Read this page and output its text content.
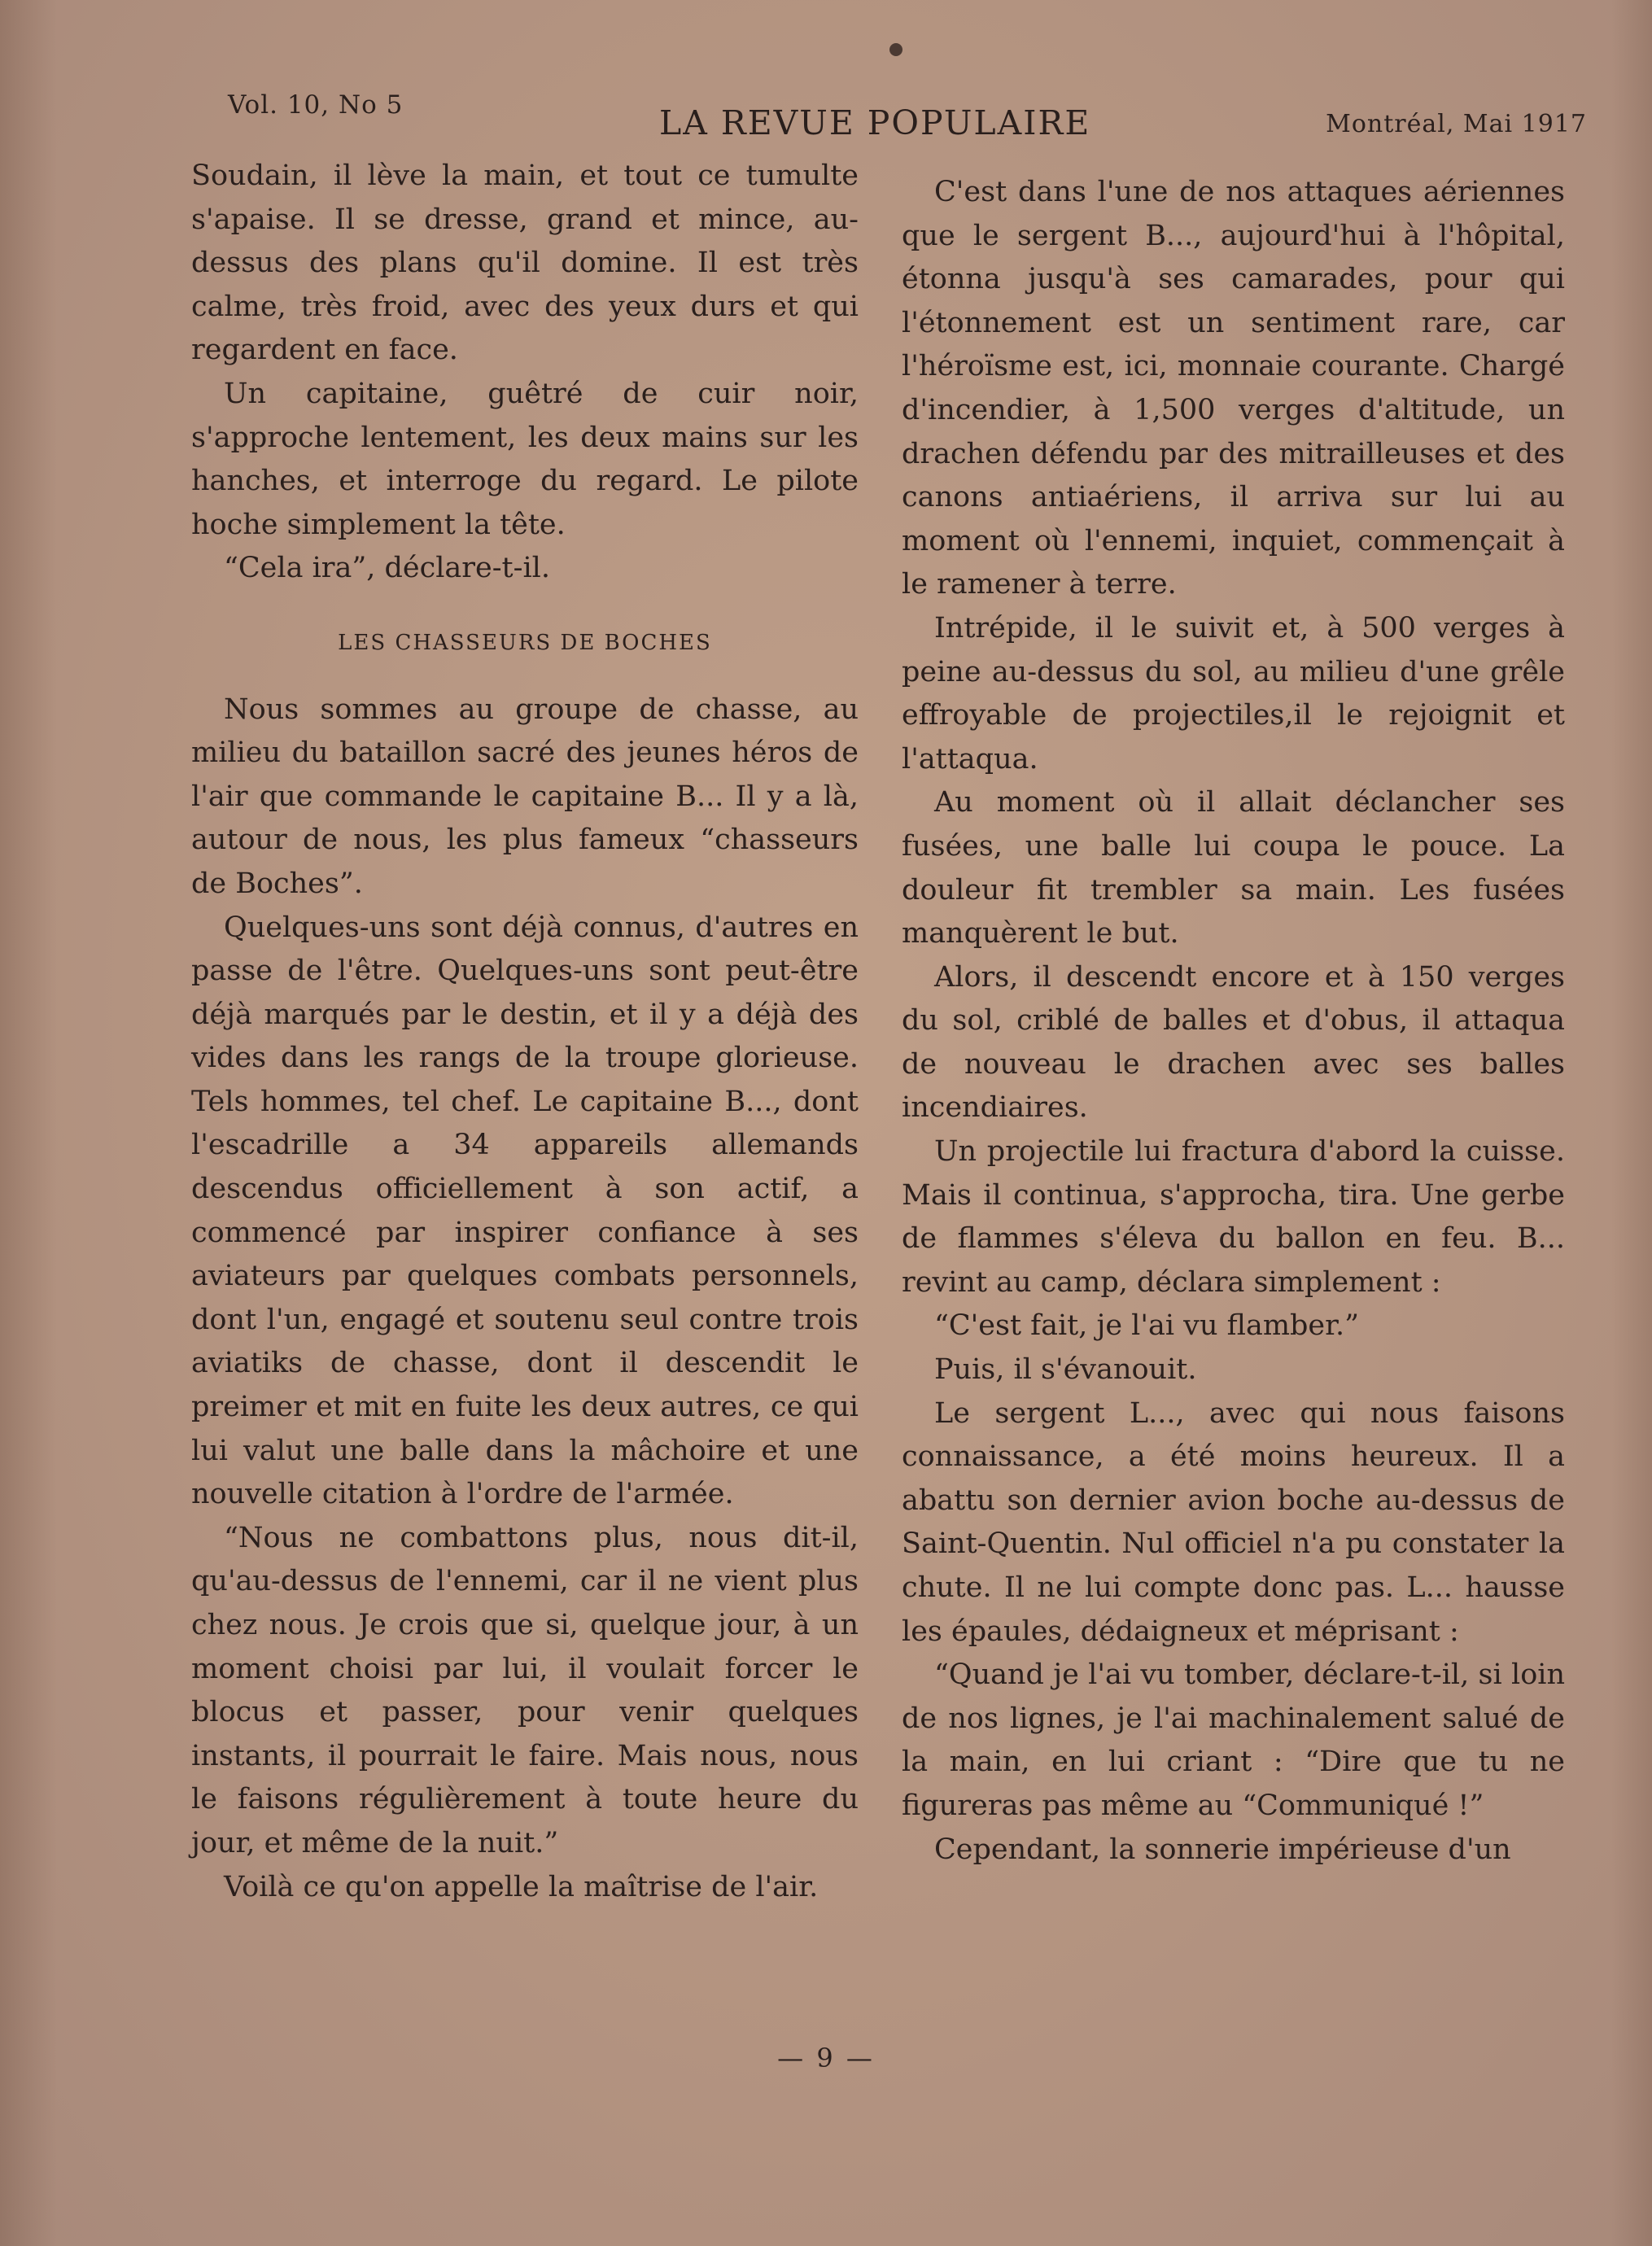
Vol. 10, No 5	LA REVUE POPULAIRE	Montréal, Mai 1917

Soudain, il lève la main, et tout ce tumulte s'apaise. Il se dresse, grand et mince, au-dessus des plans qu'il domine. Il est très calme, très froid, avec des yeux durs et qui regardent en face.

Un capitaine, guêtré de cuir noir, s'approche lentement, les deux mains sur les hanches, et interroge du regard. Le pilote hoche simplement la tête.

“Cela ira”, déclare-t-il.

LES CHASSEURS DE BOCHES

Nous sommes au groupe de chasse, au milieu du bataillon sacré des jeunes héros de l'air que commande le capitaine B... Il y a là, autour de nous, les plus fameux “chasseurs de Boches”.

Quelques-uns sont déjà connus, d'autres en passe de l'être. Quelques-uns sont peut-être déjà marqués par le destin, et il y a déjà des vides dans les rangs de la troupe glorieuse. Tels hommes, tel chef. Le capitaine B..., dont l'escadrille a 34 appareils allemands descendus officiellement à son actif, a commencé par inspirer confiance à ses aviateurs par quelques combats personnels, dont l'un, engagé et soutenu seul contre trois aviatiks de chasse, dont il descendit le preimer et mit en fuite les deux autres, ce qui lui valut une balle dans la mâchoire et une nouvelle citation à l'ordre de l'armée.

“Nous ne combattons plus, nous dit-il, qu'au-dessus de l'ennemi, car il ne vient plus chez nous. Je crois que si, quelque jour, à un moment choisi par lui, il voulait forcer le blocus et passer, pour venir quelques instants, il pourrait le faire. Mais nous, nous le faisons régulièrement à toute heure du jour, et même de la nuit.”

Voilà ce qu'on appelle la maîtrise de l'air.

C'est dans l'une de nos attaques aériennes que le sergent B..., aujourd'hui à l'hôpital, étonna jusqu'à ses camarades, pour qui l'étonnement est un sentiment rare, car l'héroïsme est, ici, monnaie courante. Chargé d'incendier, à 1,500 verges d'altitude, un drachen défendu par des mitrailleuses et des canons antiaériens, il arriva sur lui au moment où l'ennemi, inquiet, commençait à le ramener à terre.

Intrépide, il le suivit et, à 500 verges à peine au-dessus du sol, au milieu d'une grêle effroyable de projectiles,il le rejoignit et l'attaqua.

Au moment où il allait déclancher ses fusées, une balle lui coupa le pouce. La douleur fit trembler sa main. Les fusées manquèrent le but.

Alors, il descendt encore et à 150 verges du sol, criblé de balles et d'obus, il attaqua de nouveau le drachen avec ses balles incendiaires.

Un projectile lui fractura d'abord la cuisse. Mais il continua, s'approcha, tira. Une gerbe de flammes s'éleva du ballon en feu. B... revint au camp, déclara simplement :

“C'est fait, je l'ai vu flamber.”

Puis, il s'évanouit.

Le sergent L..., avec qui nous faisons connaissance, a été moins heureux. Il a abattu son dernier avion boche au-dessus de Saint-Quentin. Nul officiel n'a pu constater la chute. Il ne lui compte donc pas. L... hausse les épaules, dédaigneux et méprisant :

“Quand je l'ai vu tomber, déclare-t-il, si loin de nos lignes, je l'ai machinalement salué de la main, en lui criant : “Dire que tu ne figureras pas même au “Communiqué !”

Cependant, la sonnerie impérieuse d'un

— 9 —
